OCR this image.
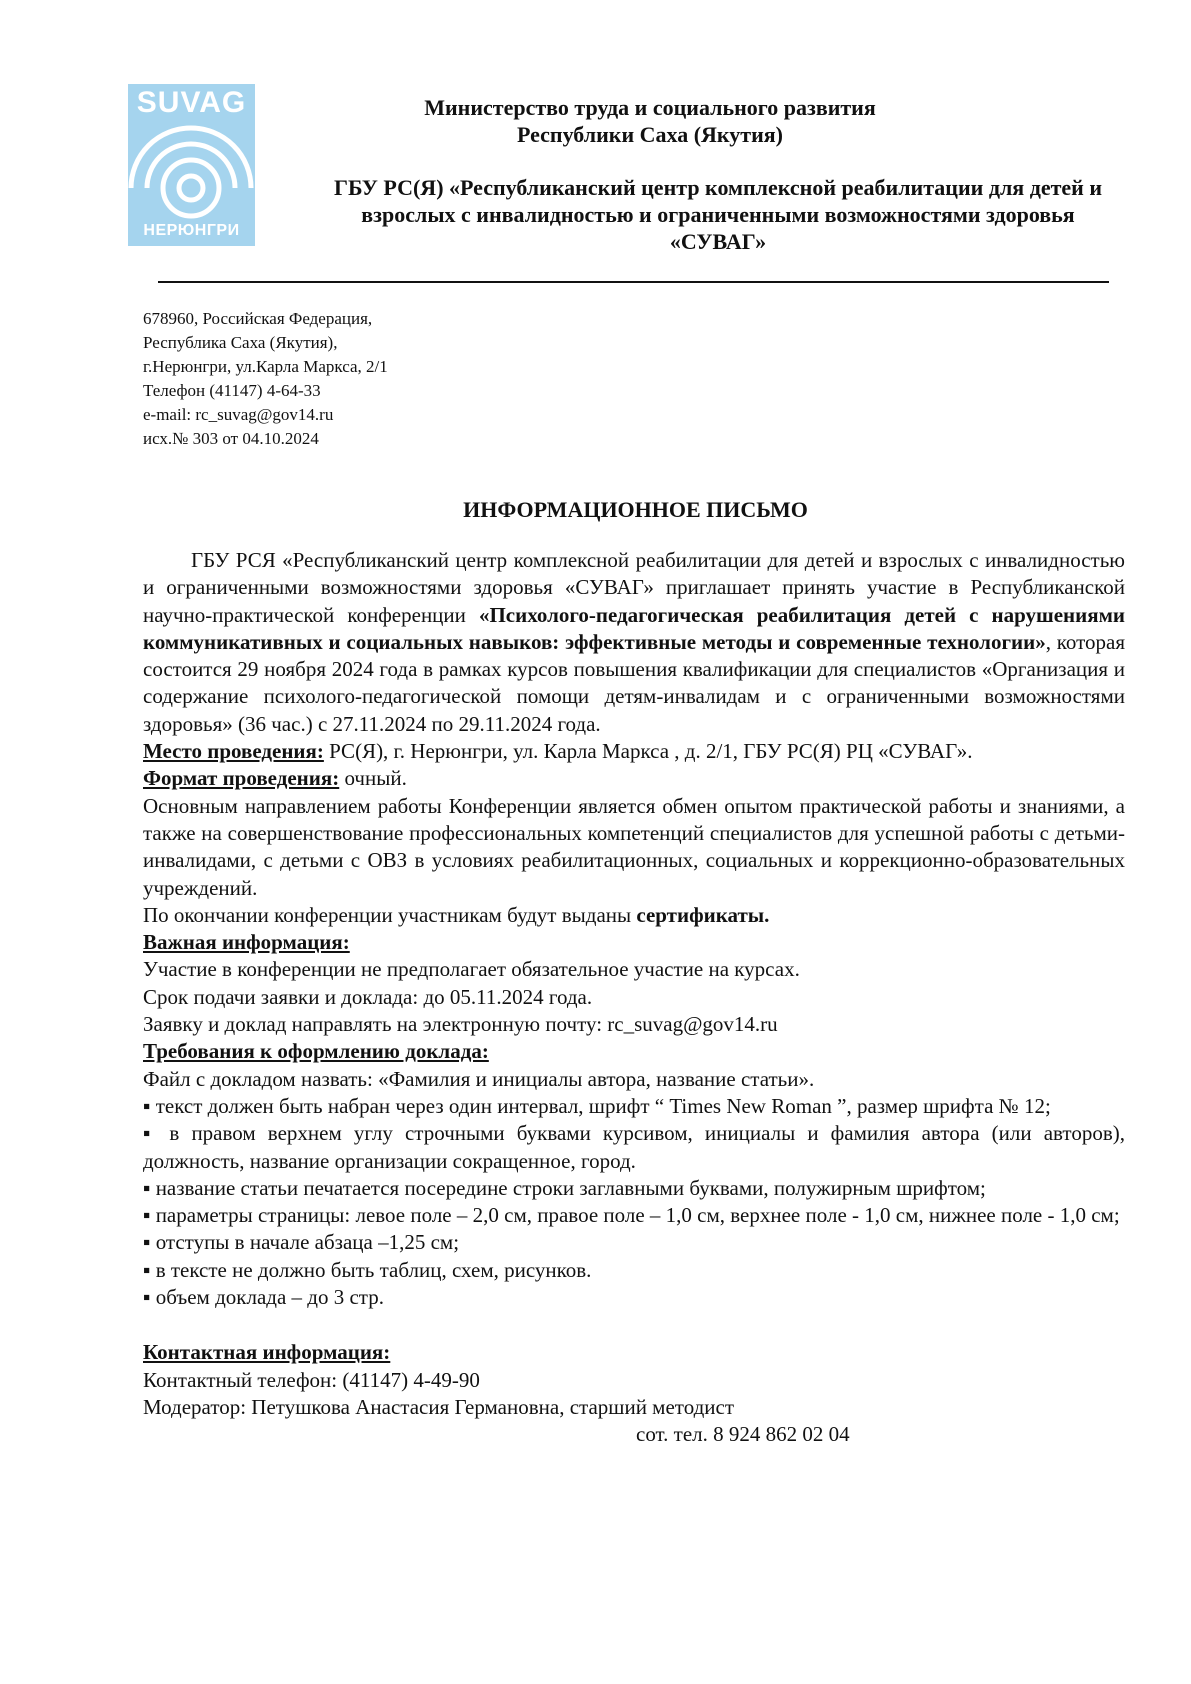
SUVAG
НЕРЮНГРИ
Министерство труда и социального развития
Республики Саха (Якутия)
ГБУ РС(Я) «Республиканский центр комплексной реабилитации для детей и
взрослых с инвалидностью и ограниченными возможностями здоровья
«СУВАГ»
678960, Российская Федерация,
Республика Саха (Якутия),
г.Нерюнгри, ул.Карла Маркса, 2/1
Телефон (41147) 4-64-33
e-mail: rc_suvag@gov14.ru
исх.№ 303 от 04.10.2024
ИНФОРМАЦИОННОЕ ПИСЬМО

ГБУ РСЯ «Республиканский центр комплексной реабилитации для детей и взрослых с инвалидностью и ограниченными возможностями здоровья «СУВАГ» приглашает принять участие в Республиканской научно-практической конференции «Психолого-педагогическая реабилитация детей с нарушениями коммуникативных и социальных навыков: эффективные методы и современные технологии», которая состоится 29 ноября 2024 года в рамках курсов повышения квалификации для специалистов «Организация и содержание психолого-педагогической помощи детям-инвалидам и с ограниченными возможностями здоровья» (36 час.) с 27.11.2024 по 29.11.2024 года.

Место проведения: РС(Я), г. Нерюнгри, ул. Карла Маркса , д. 2/1, ГБУ РС(Я) РЦ «СУВАГ».

Формат проведения: очный.

Основным направлением работы Конференции является обмен опытом практической работы и знаниями, а также на совершенствование профессиональных компетенций специалистов для успешной работы с детьми-инвалидами, с детьми с ОВЗ в условиях реабилитационных, социальных и коррекционно-образовательных учреждений.

По окончании конференции участникам будут выданы сертификаты.

Важная информация:

Участие в конференции не предполагает обязательное участие на курсах.

Срок подачи заявки и доклада: до 05.11.2024 года.

Заявку и доклад направлять на электронную почту: rc_suvag@gov14.ru

Требования к оформлению доклада:

Файл с докладом назвать: «Фамилия и инициалы автора, название статьи».

▪ текст должен быть набран через один интервал, шрифт “ Times New Roman ”, размер шрифта № 12;

▪ в правом верхнем углу строчными буквами курсивом, инициалы и фамилия автора (или авторов), должность, название организации сокращенное, город.

▪ название статьи печатается посередине строки заглавными буквами, полужирным шрифтом;

▪ параметры страницы: левое поле – 2,0 см, правое поле – 1,0 см, верхнее поле - 1,0 см, нижнее поле - 1,0 см;

▪ отступы в начале абзаца –1,25 см;

▪ в тексте не должно быть таблиц, схем, рисунков.

▪ объем доклада – до 3 стр.

Контактная информация:

Контактный телефон: (41147) 4-49-90

Модератор: Петушкова Анастасия Германовна, старший методист

сот. тел. 8 924 862 02 04
